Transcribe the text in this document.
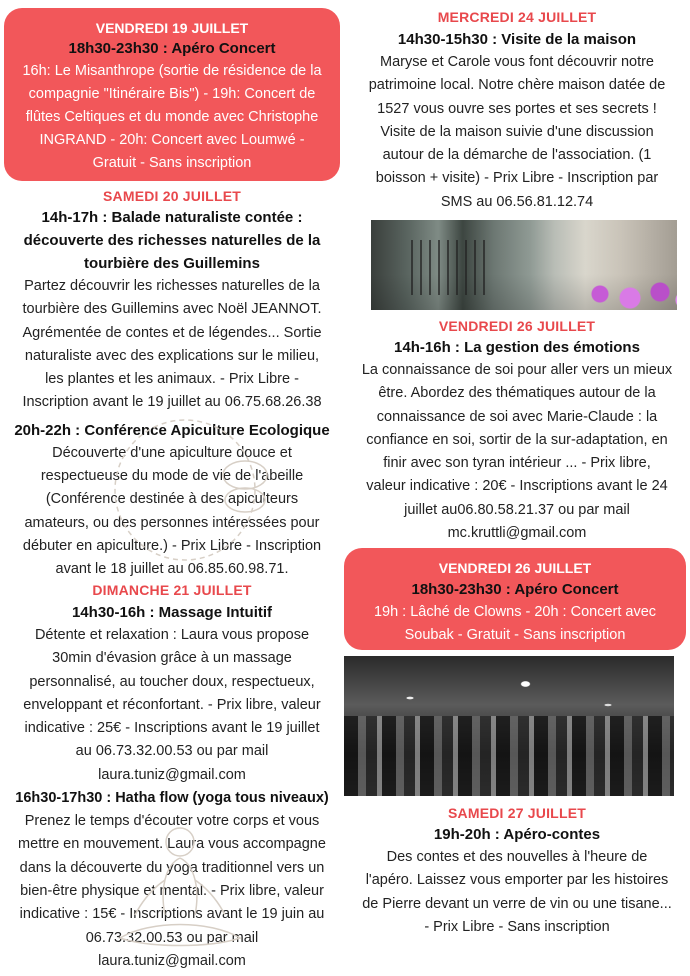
VENDREDI 19 JUILLET
18h30-23h30 : Apéro Concert
16h: Le Misanthrope (sortie de résidence de la
compagnie "Itinéraire Bis") - 19h: Concert de
flûtes Celtiques et du monde avec Christophe
INGRAND - 20h: Concert avec Loumwé -
Gratuit - Sans inscription
SAMEDI 20 JUILLET
14h-17h : Balade naturaliste contée :
découverte des richesses naturelles de la
tourbière des Guillemins
Partez découvrir les richesses naturelles de la
tourbière des Guillemins avec Noël JEANNOT.
Agrémentée de contes et de légendes... Sortie
naturaliste avec des explications sur le milieu,
les plantes et les animaux. - Prix Libre -
Inscription avant le 19 juillet au 06.75.68.26.38
20h-22h : Conférence Apiculture Ecologique
Découverte d'une apiculture douce et
respectueuse du mode de vie de l'abeille
(Conférence destinée à des apiculteurs
amateurs, ou des personnes intéressées pour
débuter en apiculture.) - Prix Libre - Inscription
avant le 18 juillet au 06.85.60.98.71.
DIMANCHE 21 JUILLET
14h30-16h : Massage Intuitif
Détente et relaxation : Laura vous propose
30min d'évasion grâce à un massage
personnalisé, au toucher doux, respectueux,
enveloppant et réconfortant. - Prix libre, valeur
indicative : 25€ - Inscriptions avant le 19 juillet
au 06.73.32.00.53 ou par mail
laura.tuniz@gmail.com
16h30-17h30 : Hatha flow (yoga tous niveaux)
Prenez le temps d'écouter votre corps et vous
mettre en mouvement. Laura vous accompagne
dans la découverte du yoga traditionnel vers un
bien-être physique et mental. - Prix libre, valeur
indicative : 15€ - Inscriptions avant le 19 juin au
06.73.32.00.53 ou par mail
laura.tuniz@gmail.com
MERCREDI 24 JUILLET
14h30-15h30 : Visite de la maison
Maryse et Carole vous font découvrir notre
patrimoine local. Notre chère maison datée de
1527 vous ouvre ses portes et ses secrets !
Visite de la maison suivie d'une discussion
autour de la démarche de l'association. (1
boisson + visite) - Prix Libre - Inscription par
SMS au 06.56.81.12.74
VENDREDI 26 JUILLET
14h-16h : La gestion des émotions
La connaissance de soi pour aller vers un mieux
être. Abordez des thématiques autour de la
connaissance de soi avec Marie-Claude : la
confiance en soi, sortir de la sur-adaptation, en
finir avec son tyran intérieur ... - Prix libre,
valeur indicative : 20€ - Inscriptions avant le 24
juillet au06.80.58.21.37 ou par mail
mc.kruttli@gmail.com
VENDREDI 26 JUILLET
18h30-23h30 : Apéro Concert
19h : Lâché de Clowns - 20h : Concert avec
Soubak - Gratuit - Sans inscription
SAMEDI 27 JUILLET
19h-20h : Apéro-contes
Des contes et des nouvelles à l'heure de
l'apéro. Laissez vous emporter par les histoires
de Pierre devant un verre de vin ou une tisane...
- Prix Libre - Sans inscription
